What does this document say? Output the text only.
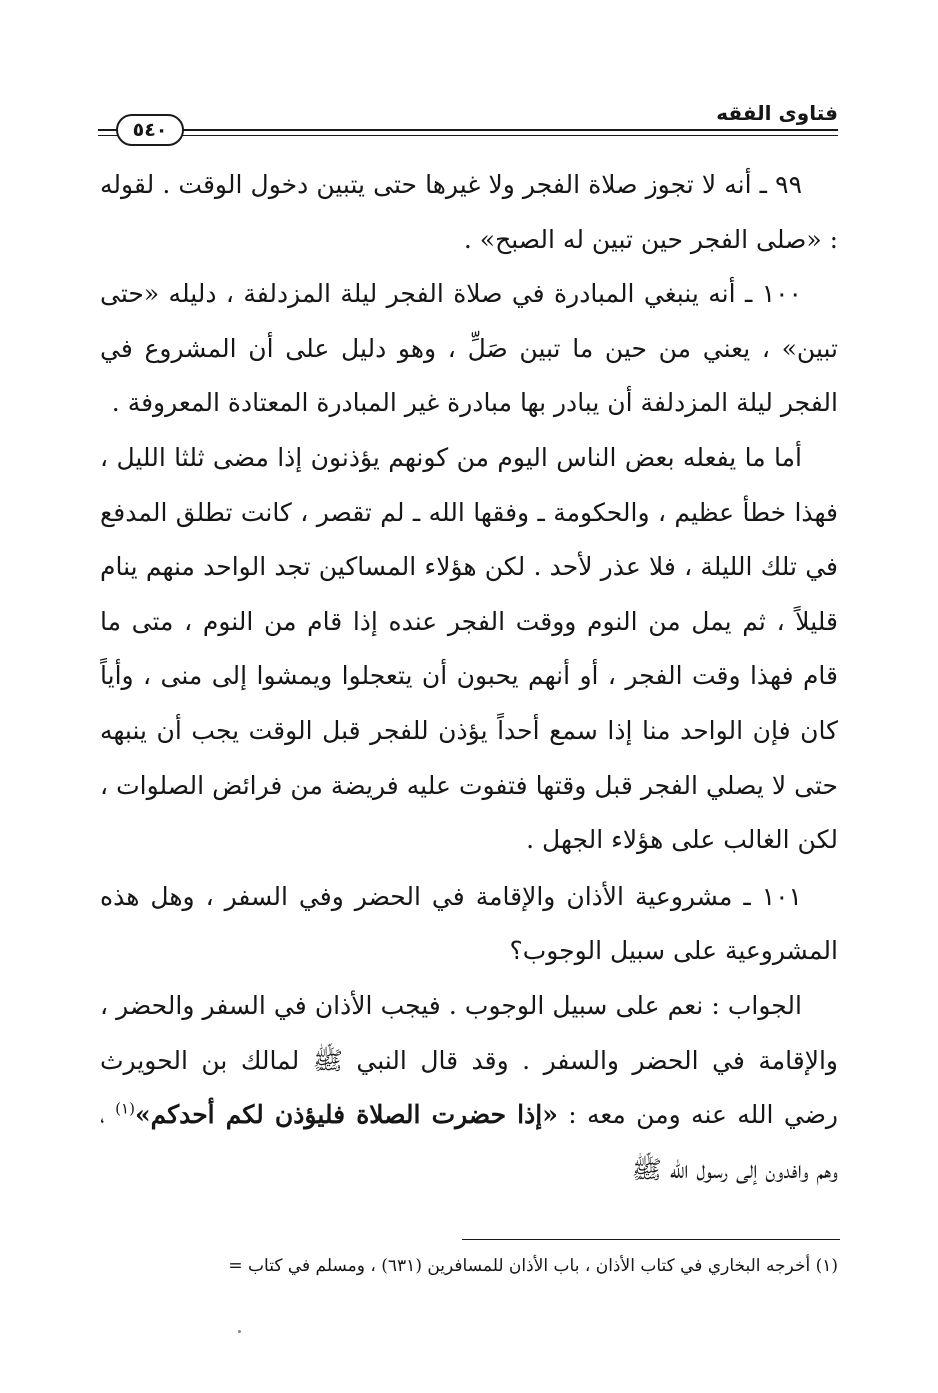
فتاوى الفقه
٥٤٠

٩٩ ـ أنه لا تجوز صلاة الفجر ولا غيرها حتى يتبين دخول الوقت . لقوله : «صلى الفجر حين تبين له الصبح» .

١٠٠ ـ أنه ينبغي المبادرة في صلاة الفجر ليلة المزدلفة ، دليله «حتى تبين» ، يعني من حين ما تبين صَلِّ ، وهو دليل على أن المشروع في الفجر ليلة المزدلفة أن يبادر بها مبادرة غير المبادرة المعتادة المعروفة .

أما ما يفعله بعض الناس اليوم من كونهم يؤذنون إذا مضى ثلثا الليل ، فهذا خطأ عظيم ، والحكومة ـ وفقها الله ـ لم تقصر ، كانت تطلق المدفع في تلك الليلة ، فلا عذر لأحد . لكن هؤلاء المساكين تجد الواحد منهم ينام قليلاً ، ثم يمل من النوم ووقت الفجر عنده إذا قام من النوم ، متى ما قام فهذا وقت الفجر ، أو أنهم يحبون أن يتعجلوا ويمشوا إلى منى ، وأياً كان فإن الواحد منا إذا سمع أحداً يؤذن للفجر قبل الوقت يجب أن ينبهه حتى لا يصلي الفجر قبل وقتها فتفوت عليه فريضة من فرائض الصلوات ، لكن الغالب على هؤلاء الجهل .

١٠١ ـ مشروعية الأذان والإقامة في الحضر وفي السفر ، وهل هذه المشروعية على سبيل الوجوب؟

الجواب : نعم على سبيل الوجوب . فيجب الأذان في السفر والحضر ، والإقامة في الحضر والسفر . وقد قال النبي ﷺ لمالك بن الحويرث رضي الله عنه ومن معه : «إذا حضرت الصلاة فليؤذن لكم أحدكم»$^{(١)}$ ، وهم وافدون إلى رسول الله ﷺ

(١) أخرجه البخاري في كتاب الأذان ، باب الأذان للمسافرين (٦٣١) ، ومسلم في كتاب =
